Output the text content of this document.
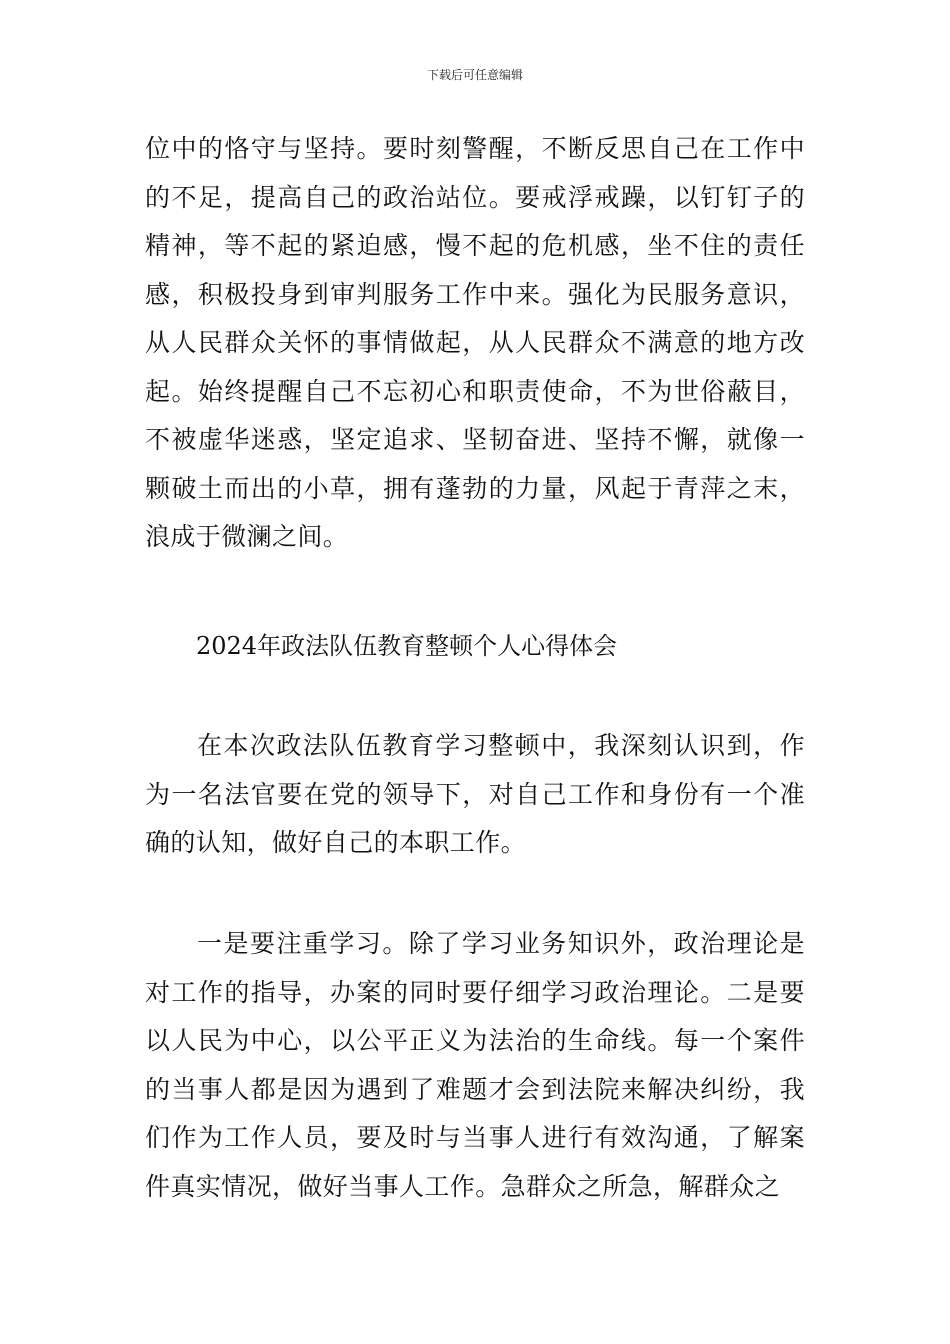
下载后可任意编辑

位中的恪守与坚持。要时刻警醒，不断反思自己在工作中的不足，提高自己的政治站位。要戒浮戒躁，以钉钉子的精神，等不起的紧迫感，慢不起的危机感，坐不住的责任感，积极投身到审判服务工作中来。强化为民服务意识，从人民群众关怀的事情做起，从人民群众不满意的地方改起。始终提醒自己不忘初心和职责使命，不为世俗蔽目，不被虚华迷惑，坚定追求、坚韧奋进、坚持不懈，就像一颗破土而出的小草，拥有蓬勃的力量，风起于青萍之末，浪成于微澜之间。

2024年政法队伍教育整顿个人心得体会

在本次政法队伍教育学习整顿中，我深刻认识到，作为一名法官要在党的领导下，对自己工作和身份有一个准确的认知，做好自己的本职工作。

一是要注重学习。除了学习业务知识外，政治理论是对工作的指导，办案的同时要仔细学习政治理论。二是要以人民为中心，以公平正义为法治的生命线。每一个案件的当事人都是因为遇到了难题才会到法院来解决纠纷，我们作为工作人员，要及时与当事人进行有效沟通，了解案件真实情况，做好当事人工作。急群众之所急，解群众之
